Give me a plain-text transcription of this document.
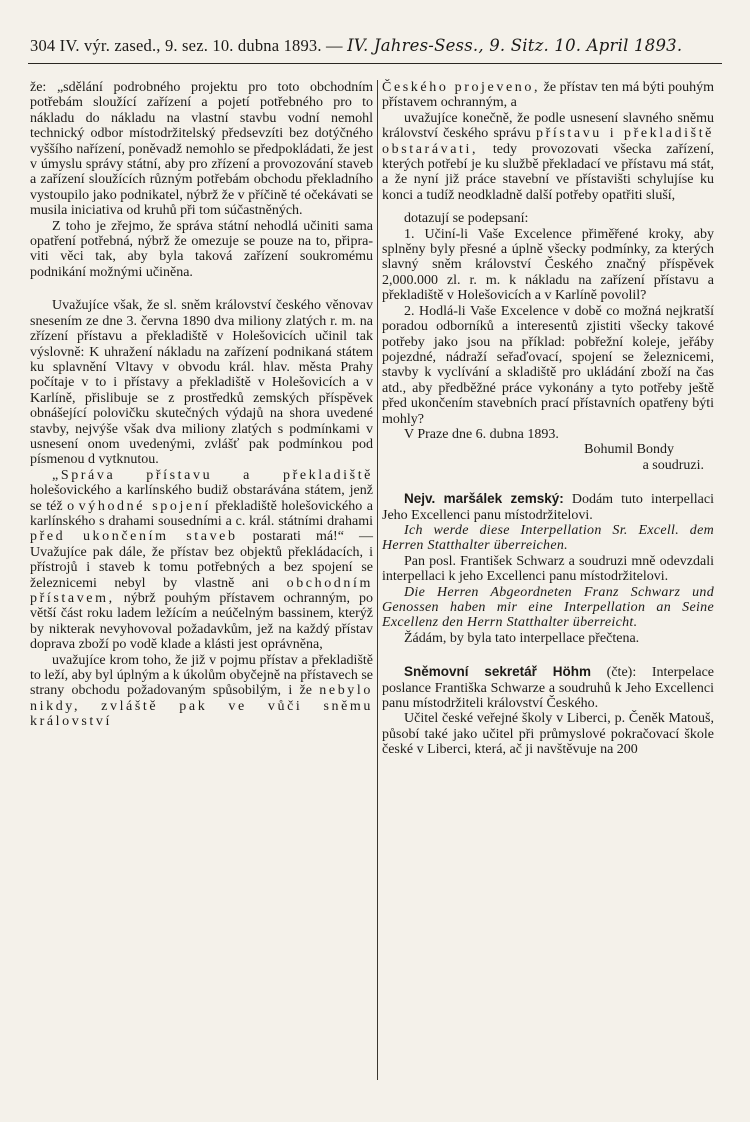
304 IV. výr. zased., 9. sez. 10. dubna 1893. — IV. Jahres-Sess., 9. Sitz. 10. April 1893.

že: „sdělání podrobného projektu pro toto obchodním potřebám sloužící zařízení a pojetí potřebného pro to nákladu do nákladu na vlastní stavbu vodní nemohl technický odbor místodržitelský předsevzíti bez dotýčného vyššího nařízení, poněvadž nemohlo se předpokládati, že jest v úmyslu správy státní, aby pro zřízení a provozování staveb a zařízení sloužících různým potřebám obchodu překladního vystoupilo jako podnikatel, nýbrž že v příčině té očekávati se musila iniciativa od kruhů při tom súčastněných.

Z toho je zřejmo, že správa státní nehodlá učiniti sama opatření potřebná, nýbrž že omezuje se pouze na to, připraviti věci tak, aby byla taková zařízení soukromému podnikání možnými učiněna.

Uvažujíce však, že sl. sněm království českého věnovav snesením ze dne 3. června 1890 dva miliony zlatých r. m. na zřízení přístavu a překladiště v Holešovicích učinil tak výslovně: K uhražení nákladu na zařízení podnikaná státem ku splavnění Vltavy v obvodu král. hlav. města Prahy počítaje v to i přístavy a překladiště v Holešovicích a v Karlíně, přislibuje se z prostředků zemských příspěvek obnášející polovičku skutečných výdajů na shora uvedené stavby, nejvýše však dva miliony zlatých s podmínkami v usnesení onom uvedenými, zvlášť pak podmínkou pod písmenou d vytknutou.

„Správa přístavu a překladiště holešovického a karlínského budiž obstarávána státem, jenž se též o výhodné spojení překladiště holešovického a karlínského s drahami sousedními a c. král. státními drahami před ukončením staveb postarati má!“ — Uvažujíce pak dále, že přístav bez objektů překládacích, i přístrojů i staveb k tomu potřebných a bez spojení se železnicemi nebyl by vlastně ani obchodním přístavem, nýbrž pouhým přístavem ochranným, po větší část roku ladem ležícím a neúčelným bassinem, kterýž by nikterak nevyhovoval požadavkům, jež na každý přístav doprava zboží po vodě klade a klásti jest oprávněna,

uvažujíce krom toho, že již v pojmu přístav a překladiště to leží, aby byl úplným a k úkolům obyčejně na přístavech se strany obchodu požadovaným spůsobilým, i že nebylo nikdy, zvláště pak ve vůči sněmu království

Českého projeveno, že přístav ten má býti pouhým přístavem ochranným, a

uvažujíce konečně, že podle usnesení slavného sněmu království českého správu přístavu i překladiště obstarávati, tedy provozovati všecka zařízení, kterých potřebí je ku službě překladací ve přístavu má stát, a že nyní již práce stavební ve přístavišti schylujíse ku konci a tudíž neodkladně další potřeby opatřiti sluší,

dotazují se podepsaní:

1. Učiní-li Vaše Excelence přiměřené kroky, aby splněny byly přesné a úplně všecky podmínky, za kterých slavný sněm království Českého značný příspěvek 2,000.000 zl. r. m. k nákladu na zařízení přístavu a překladiště v Holešovicích a v Karlíně povolil?

2. Hodlá-li Vaše Excelence v době co možná nejkratší poradou odborníků a interesentů zjistiti všecky takové potřeby jako jsou na příklad: pobřežní koleje, jeřáby pojezdné, nádraží seřaďovací, spojení se železnicemi, stavby k vyclívání a skladiště pro ukládání zboží na čas atd., aby předběžné práce vykonány a tyto potřeby ještě před ukončením stavebních prací přístavních opatřeny býti mohly?

V Praze dne 6. dubna 1893.

Bohumil Bondy

a soudruzi.

Nejv. maršálek zemský: Dodám tuto interpellaci Jeho Excellenci panu místodržitelovi.

Ich werde diese Interpellation Sr. Excell. dem Herren Statthalter überreichen.

Pan posl. František Schwarz a soudruzi mně odevzdali interpellaci k jeho Excellenci panu místodržitelovi.

Die Herren Abgeordneten Franz Schwarz und Genossen haben mir eine Interpellation an Seine Excellenz den Herrn Statthalter überreicht.

Žádám, by byla tato interpellace přečtena.

Sněmovní sekretář Höhm (čte): Interpelace poslance Františka Schwarze a soudruhů k Jeho Excellenci panu místodržiteli království Českého.

Učitel české veřejné školy v Liberci, p. Čeněk Matouš, působí také jako učitel při průmyslové pokračovací škole české v Liberci, která, ač ji navštěvuje na 200
